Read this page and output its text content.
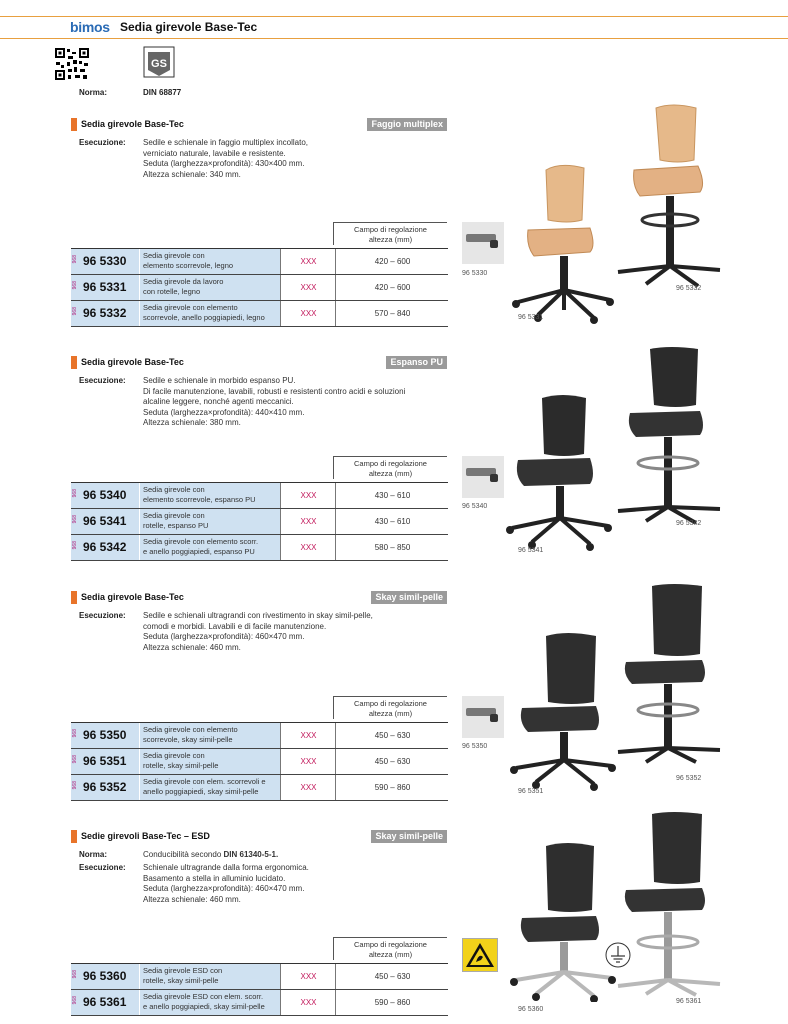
bimos Sedia girevole Base-Tec
GS
Norma:	DIN 68877
Sedia girevole Base-Tec	Faggio multiplex
Esecuzione: Sedile e schienale in faggio multiplex incollato,
verniciato naturale, lavabile e resistente.
Seduta (larghezza×profondità): 430×400 mm.
Altezza schienale: 340 mm.
Campo di regolazione
altezza (mm)
968 96 5330 Sedia girevole con
elemento scorrevole, legno	XXX	420 – 600
968 96 5331 Sedia girevole da lavoro
con rotelle, legno	XXX	420 – 600
968 96 5332 Sedia girevole con elemento
scorrevole, anello poggiapiedi, legno	XXX	570 – 840
96 5330
96 5331
96 5332
Sedia girevole Base-Tec	Espanso PU
Esecuzione: Sedile e schienale in morbido espanso PU.
Di facile manutenzione, lavabili, robusti e resistenti contro acidi e soluzioni
alcaline leggere, nonché agenti meccanici.
Seduta (larghezza×profondità): 440×410 mm.
Altezza schienale: 380 mm.
Campo di regolazione
altezza (mm)
968 96 5340 Sedia girevole con
elemento scorrevole, espanso PU	XXX	430 – 610
968 96 5341 Sedia girevole con
rotelle, espanso PU	XXX	430 – 610
968 96 5342 Sedia girevole con elemento scorr.
e anello poggiapiedi, espanso PU	XXX	580 – 850
96 5340
96 5341
96 5342
Sedia girevole Base-Tec	Skay simil-pelle
Esecuzione: Sedile e schienali ultragrandi con rivestimento in skay simil-pelle,
comodi e morbidi. Lavabili e di facile manutenzione.
Seduta (larghezza×profondità): 460×470 mm.
Altezza schienale: 460 mm.
Campo di regolazione
altezza (mm)
968 96 5350 Sedia girevole con elemento
scorrevole, skay simil-pelle	XXX	450 – 630
968 96 5351 Sedia girevole con
rotelle, skay simil-pelle	XXX	450 – 630
968 96 5352 Sedia girevole con elem. scorrevoli e
anello poggiapiedi, skay simil-pelle	XXX	590 – 860
96 5350
96 5351
96 5352
Sedie girevoli Base-Tec – ESD	Skay simil-pelle
Norma:	Conducibilità secondo DIN 61340-5-1.
Esecuzione: Schienale ultragrande dalla forma ergonomica.
Basamento a stella in alluminio lucidato.
Seduta (larghezza×profondità): 460×470 mm.
Altezza schienale: 460 mm.
Campo di regolazione
altezza (mm)
968 96 5360 Sedia girevole ESD con
rotelle, skay simil-pelle	XXX	450 – 630
968 96 5361 Sedia girevole ESD con elem. scorr.
e anello poggiapiedi, skay simil-pelle	XXX	590 – 860
96 5360
96 5361
